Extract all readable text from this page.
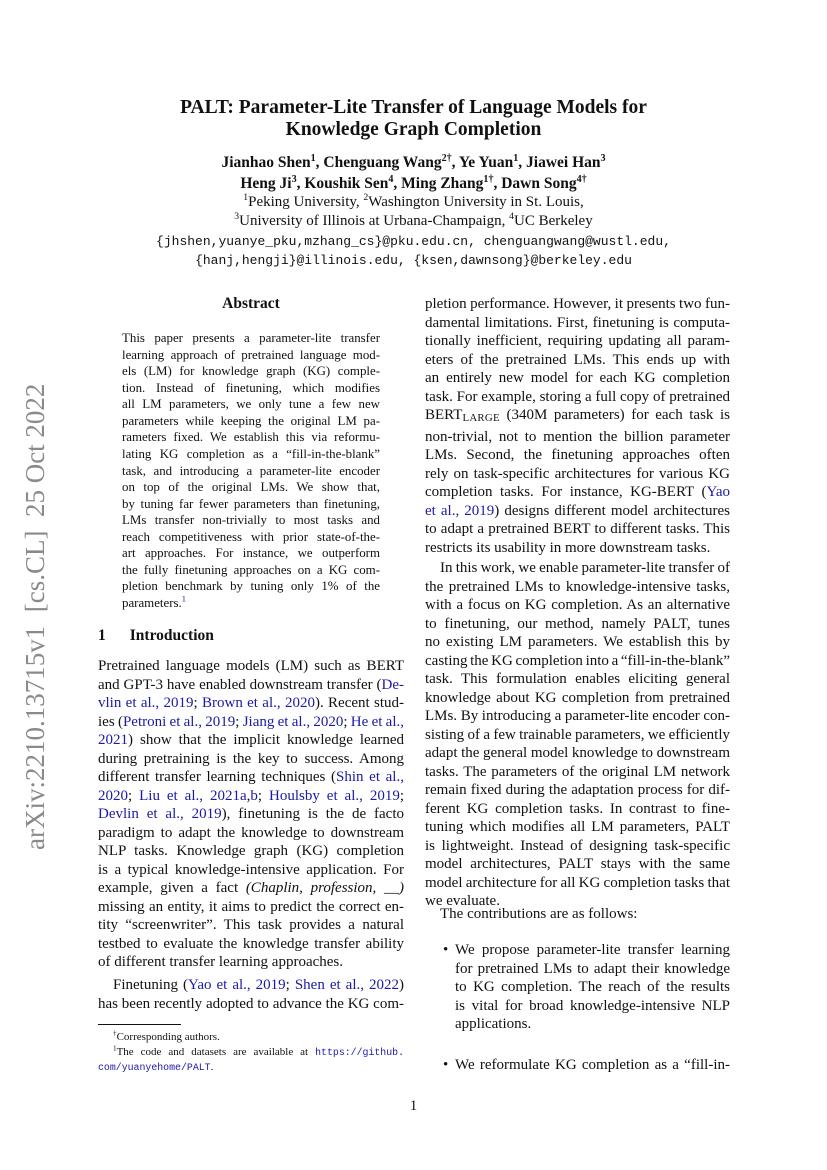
arXiv:2210.13715v1  [cs.CL]  25 Oct 2022
PALT: Parameter-Lite Transfer of Language Models for
Knowledge Graph Completion
Jianhao Shen$^1$, Chenguang Wang$^{2\dagger}$, Ye Yuan$^1$, Jiawei Han$^3$
Heng Ji$^3$, Koushik Sen$^4$, Ming Zhang$^{1\dagger}$, Dawn Song$^{4\dagger}$
$^1$Peking University, $^2$Washington University in St. Louis,
$^3$University of Illinois at Urbana-Champaign, $^4$UC Berkeley
{jhshen,yuanye_pku,mzhang_cs}@pku.edu.cn, chenguangwang@wustl.edu,
{hanj,hengji}@illinois.edu, {ksen,dawnsong}@berkeley.edu
Abstract
This paper presents a parameter-lite transfer
learning approach of pretrained language mod-
els (LM) for knowledge graph (KG) comple-
tion. Instead of finetuning, which modifies
all LM parameters, we only tune a few new
parameters while keeping the original LM pa-
rameters fixed. We establish this via reformu-
lating KG completion as a “fill-in-the-blank”
task, and introducing a parameter-lite encoder
on top of the original LMs. We show that,
by tuning far fewer parameters than finetuning,
LMs transfer non-trivially to most tasks and
reach competitiveness with prior state-of-the-
art approaches. For instance, we outperform
the fully finetuning approaches on a KG com-
pletion benchmark by tuning only 1% of the
parameters.$^1$
1 Introduction
Pretrained language models (LM) such as BERT
and GPT-3 have enabled downstream transfer (De-
vlin et al., 2019; Brown et al., 2020). Recent stud-
ies (Petroni et al., 2019; Jiang et al., 2020; He et al.,
2021) show that the implicit knowledge learned
during pretraining is the key to success. Among
different transfer learning techniques (Shin et al.,
2020; Liu et al., 2021a,b; Houlsby et al., 2019;
Devlin et al., 2019), finetuning is the de facto
paradigm to adapt the knowledge to downstream
NLP tasks. Knowledge graph (KG) completion
is a typical knowledge-intensive application. For
example, given a fact (Chaplin, profession, __)
missing an entity, it aims to predict the correct en-
tity “screenwriter”. This task provides a natural
testbed to evaluate the knowledge transfer ability
of different transfer learning approaches.
Finetuning (Yao et al., 2019; Shen et al., 2022)
has been recently adopted to advance the KG com-
pletion performance. However, it presents two fun-
damental limitations. First, finetuning is computa-
tionally inefficient, requiring updating all param-
eters of the pretrained LMs. This ends up with
an entirely new model for each KG completion
task. For example, storing a full copy of pretrained
BERTLARGE (340M parameters) for each task is
non-trivial, not to mention the billion parameter
LMs. Second, the finetuning approaches often
rely on task-specific architectures for various KG
completion tasks. For instance, KG-BERT (Yao
et al., 2019) designs different model architectures
to adapt a pretrained BERT to different tasks. This
restricts its usability in more downstream tasks.
In this work, we enable parameter-lite transfer of
the pretrained LMs to knowledge-intensive tasks,
with a focus on KG completion. As an alternative
to finetuning, our method, namely PALT, tunes
no existing LM parameters. We establish this by
casting the KG completion into a “fill-in-the-blank”
task. This formulation enables eliciting general
knowledge about KG completion from pretrained
LMs. By introducing a parameter-lite encoder con-
sisting of a few trainable parameters, we efficiently
adapt the general model knowledge to downstream
tasks. The parameters of the original LM network
remain fixed during the adaptation process for dif-
ferent KG completion tasks. In contrast to fine-
tuning which modifies all LM parameters, PALT
is lightweight. Instead of designing task-specific
model architectures, PALT stays with the same
model architecture for all KG completion tasks that
we evaluate.
The contributions are as follows:
• We propose parameter-lite transfer learning
for pretrained LMs to adapt their knowledge
to KG completion. The reach of the results
is vital for broad knowledge-intensive NLP
applications.
• We reformulate KG completion as a “fill-in-
†Corresponding authors.
$^1$The code and datasets are available at https://github.
com/yuanyehome/PALT.
1
